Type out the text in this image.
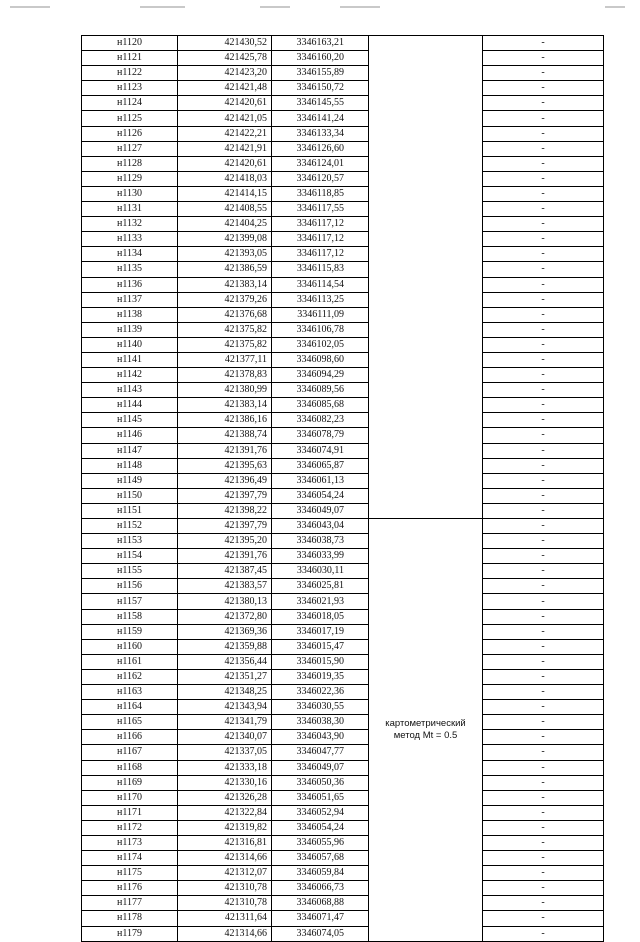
н1120	421430,52	3346163,21		-
н1121	421425,78	3346160,20		-
н1122	421423,20	3346155,89		-
н1123	421421,48	3346150,72		-
н1124	421420,61	3346145,55		-
н1125	421421,05	3346141,24		-
н1126	421422,21	3346133,34		-
н1127	421421,91	3346126,60		-
н1128	421420,61	3346124,01		-
н1129	421418,03	3346120,57		-
н1130	421414,15	3346118,85		-
н1131	421408,55	3346117,55		-
н1132	421404,25	3346117,12		-
н1133	421399,08	3346117,12		-
н1134	421393,05	3346117,12		-
н1135	421386,59	3346115,83		-
н1136	421383,14	3346114,54		-
н1137	421379,26	3346113,25		-
н1138	421376,68	3346111,09		-
н1139	421375,82	3346106,78		-
н1140	421375,82	3346102,05		-
н1141	421377,11	3346098,60		-
н1142	421378,83	3346094,29		-
н1143	421380,99	3346089,56		-
н1144	421383,14	3346085,68		-
н1145	421386,16	3346082,23		-
н1146	421388,74	3346078,79		-
н1147	421391,76	3346074,91		-
н1148	421395,63	3346065,87		-
н1149	421396,49	3346061,13		-
н1150	421397,79	3346054,24		-
н1151	421398,22	3346049,07		-
н1152	421397,79	3346043,04	картометрический
метод Mt = 0.5	-
н1153	421395,20	3346038,73		-
н1154	421391,76	3346033,99		-
н1155	421387,45	3346030,11		-
н1156	421383,57	3346025,81		-
н1157	421380,13	3346021,93		-
н1158	421372,80	3346018,05		-
н1159	421369,36	3346017,19		-
н1160	421359,88	3346015,47		-
н1161	421356,44	3346015,90		-
н1162	421351,27	3346019,35		-
н1163	421348,25	3346022,36		-
н1164	421343,94	3346030,55		-
н1165	421341,79	3346038,30		-
н1166	421340,07	3346043,90		-
н1167	421337,05	3346047,77		-
н1168	421333,18	3346049,07		-
н1169	421330,16	3346050,36		-
н1170	421326,28	3346051,65		-
н1171	421322,84	3346052,94		-
н1172	421319,82	3346054,24		-
н1173	421316,81	3346055,96		-
н1174	421314,66	3346057,68		-
н1175	421312,07	3346059,84		-
н1176	421310,78	3346066,73		-
н1177	421310,78	3346068,88		-
н1178	421311,64	3346071,47		-
н1179	421314,66	3346074,05		-
